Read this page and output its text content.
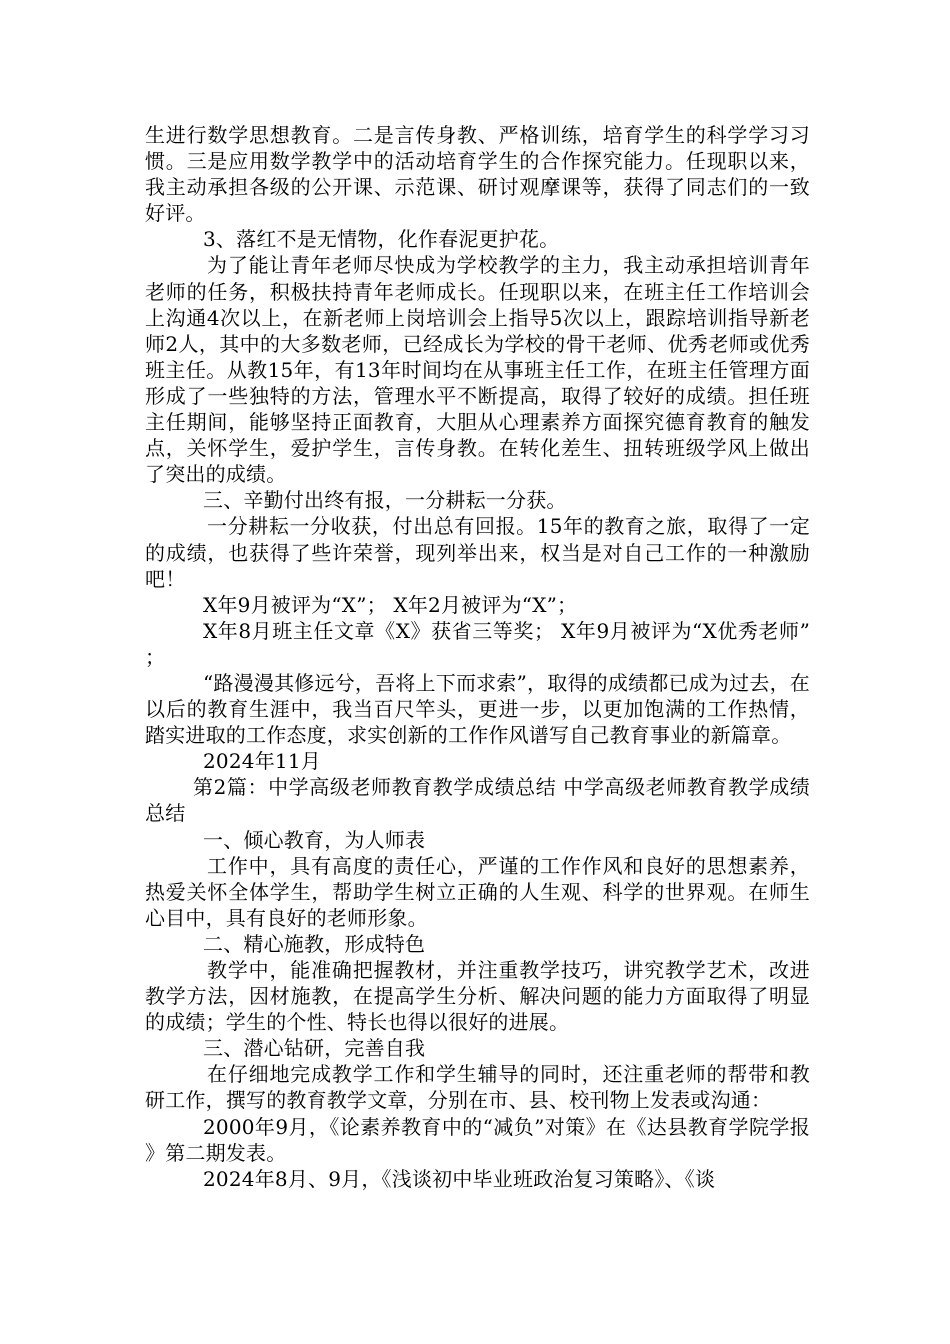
生进行数学思想教育。二是言传身教、严格训练，培育学生的科学学习习惯。三是应用数学教学中的活动培育学生的合作探究能力。任现职以来，我主动承担各级的公开课、示范课、研讨观摩课等，获得了同志们的一致好评。

3、落红不是无情物，化作春泥更护花。

为了能让青年老师尽快成为学校教学的主力，我主动承担培训青年老师的任务，积极扶持青年老师成长。任现职以来，在班主任工作培训会上沟通4次以上，在新老师上岗培训会上指导5次以上，跟踪培训指导新老师2人，其中的大多数老师，已经成长为学校的骨干老师、优秀老师或优秀班主任。从教15年，有13年时间均在从事班主任工作，在班主任管理方面形成了一些独特的方法，管理水平不断提高，取得了较好的成绩。担任班主任期间，能够坚持正面教育，大胆从心理素养方面探究德育教育的触发点，关怀学生，爱护学生，言传身教。在转化差生、扭转班级学风上做出了突出的成绩。

三、辛勤付出终有报，一分耕耘一分获。

一分耕耘一分收获，付出总有回报。15年的教育之旅，取得了一定的成绩，也获得了些许荣誉，现列举出来，权当是对自己工作的一种激励吧！

X年9月被评为“X”； X年2月被评为“X”；

X年8月班主任文章《X》获省三等奖； X年9月被评为“X优秀老师”；

“路漫漫其修远兮，吾将上下而求索”，取得的成绩都已成为过去，在以后的教育生涯中，我当百尺竿头，更进一步，以更加饱满的工作热情，踏实进取的工作态度，求实创新的工作作风谱写自己教育事业的新篇章。

2024年11月

第2篇：中学高级老师教育教学成绩总结 中学高级老师教育教学成绩总结

一、倾心教育，为人师表

工作中，具有高度的责任心，严谨的工作作风和良好的思想素养，热爱关怀全体学生，帮助学生树立正确的人生观、科学的世界观。在师生心目中，具有良好的老师形象。

二、精心施教，形成特色

教学中，能准确把握教材，并注重教学技巧，讲究教学艺术，改进教学方法，因材施教，在提高学生分析、解决问题的能力方面取得了明显的成绩；学生的个性、特长也得以很好的进展。

三、潜心钻研，完善自我

在仔细地完成教学工作和学生辅导的同时，还注重老师的帮带和教研工作，撰写的教育教学文章，分别在市、县、校刊物上发表或沟通：

2000年9月，《论素养教育中的“减负”对策》在《达县教育学院学报》第二期发表。

2024年8月、9月，《浅谈初中毕业班政治复习策略》、《谈
